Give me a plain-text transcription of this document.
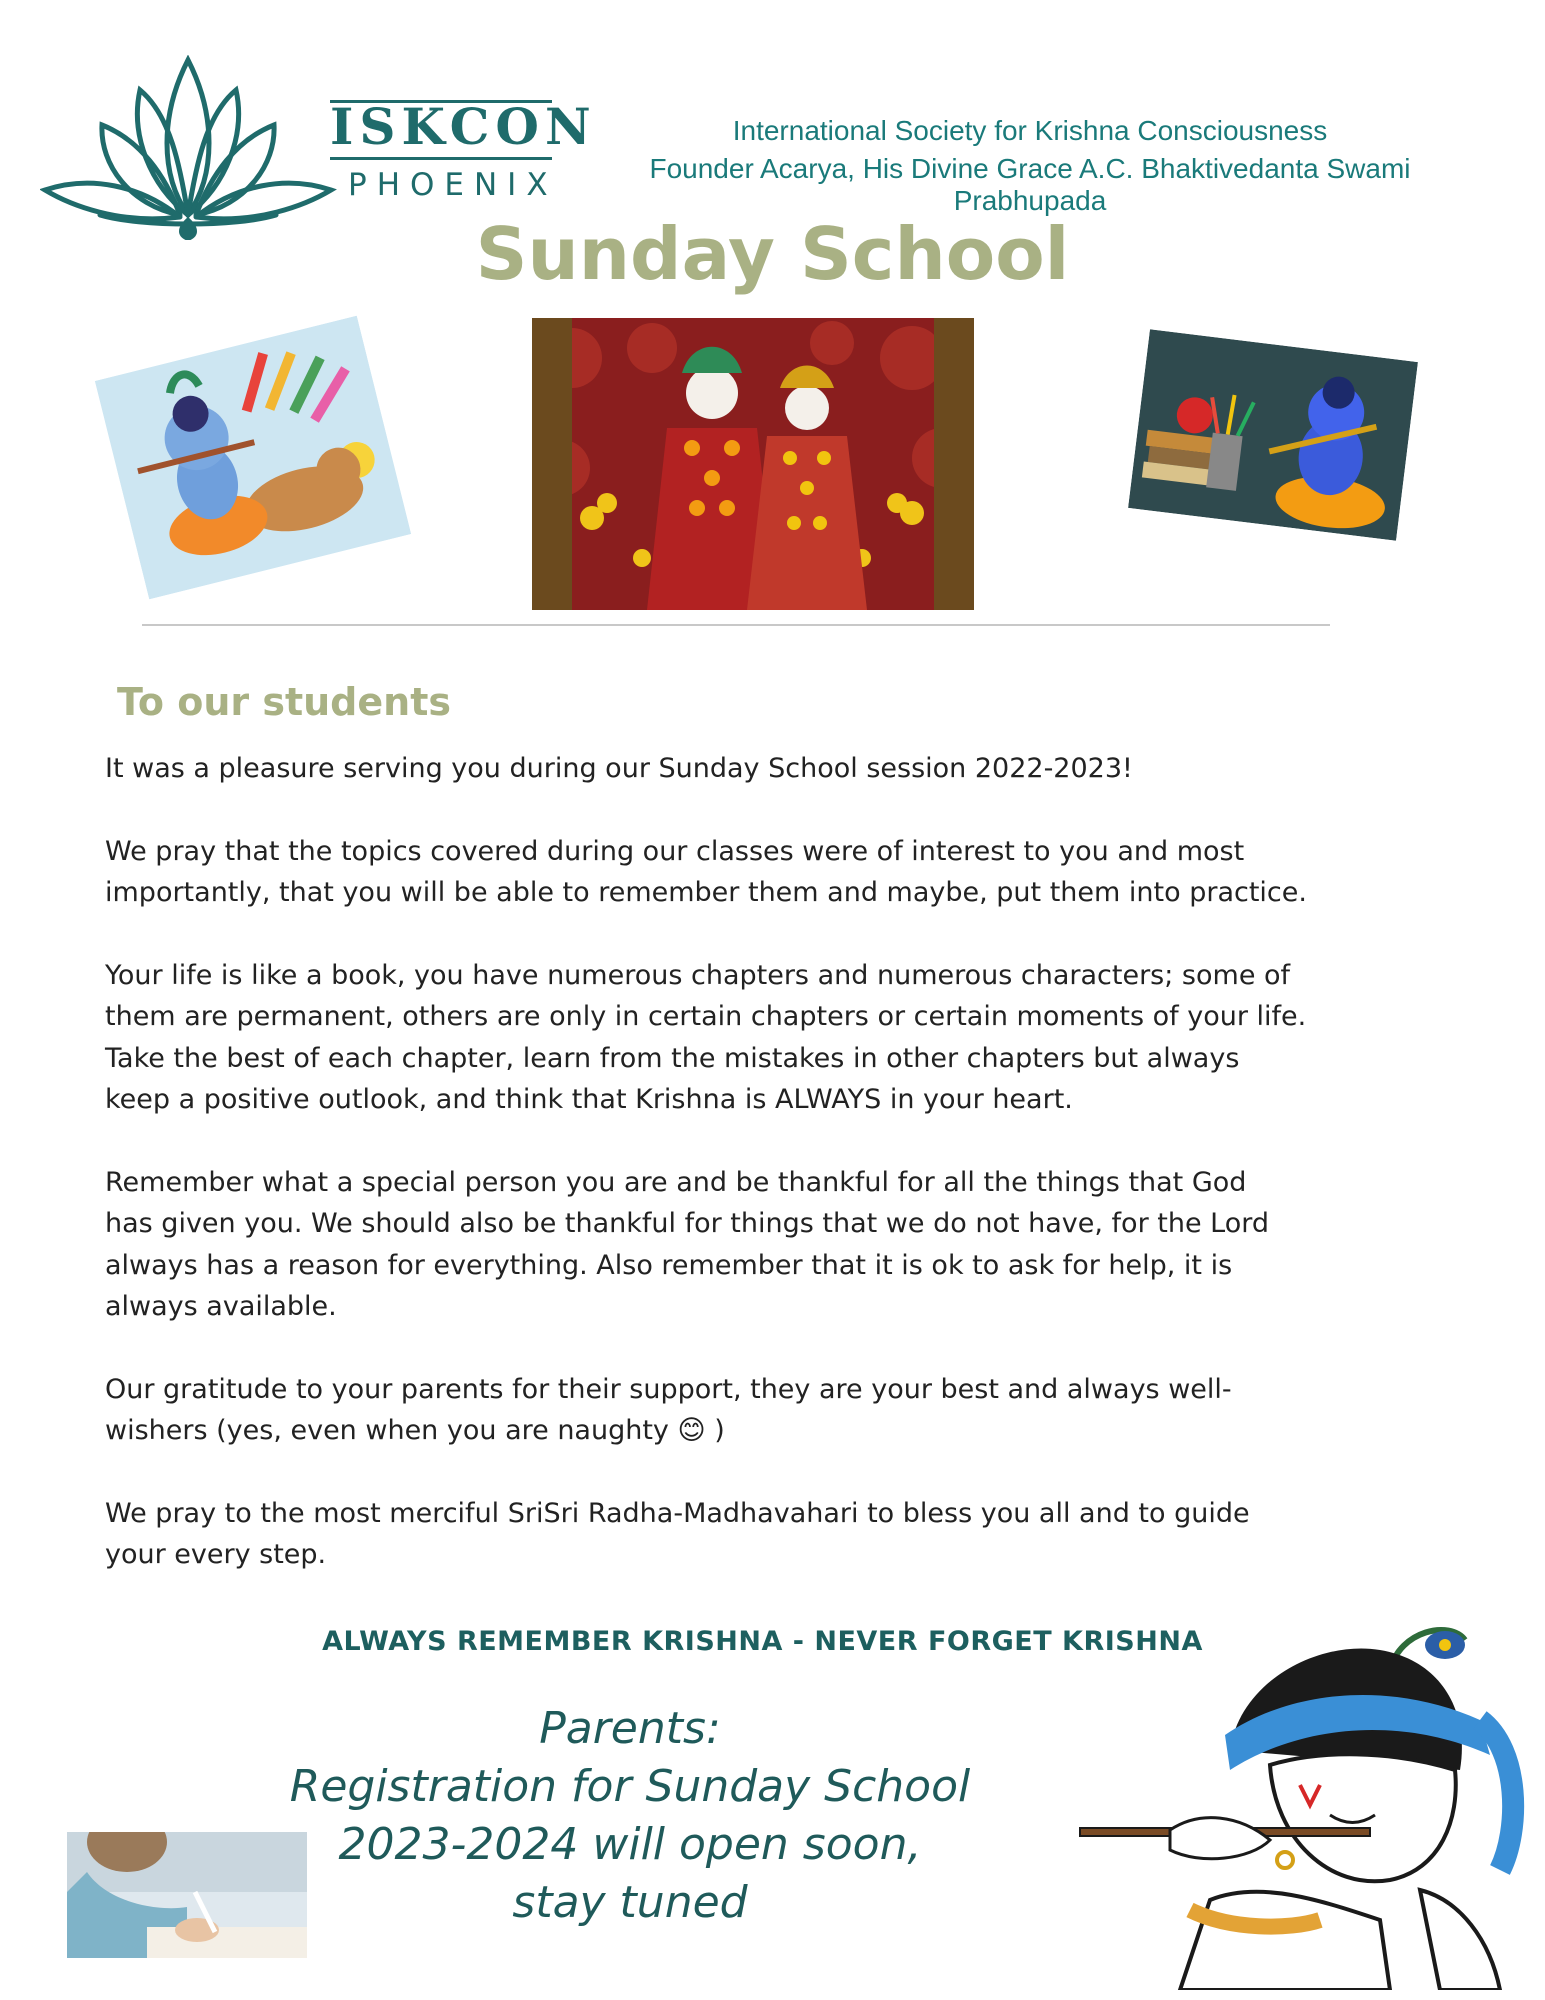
ISKCON
PHOENIX
International Society for Krishna Consciousness
Founder Acarya, His Divine Grace A.C. Bhaktivedanta Swami Prabhupada
Sunday School
To our students

It was a pleasure serving you during our Sunday School session 2022-2023!

We pray that the topics covered during our classes were of interest to you and most
importantly, that you will be able to remember them and maybe, put them into practice.

Your life is like a book, you have numerous chapters and numerous characters; some of
them are permanent, others are only in certain chapters or certain moments of your life.
Take the best of each chapter, learn from the mistakes in other chapters but always
keep a positive outlook, and think that Krishna is ALWAYS in your heart.

Remember what a special person you are and be thankful for all the things that God
has given you. We should also be thankful for things that we do not have, for the Lord
always has a reason for everything. Also remember that it is ok to ask for help, it is
always available.

Our gratitude to your parents for their support, they are your best and always well-
wishers (yes, even when you are naughty 😊 )

We pray to the most merciful SriSri Radha-Madhavahari to bless you all and to guide
your every step.

ALWAYS REMEMBER KRISHNA - NEVER FORGET KRISHNA
Parents:
Registration for Sunday School
2023-2024 will open soon,
stay tuned
